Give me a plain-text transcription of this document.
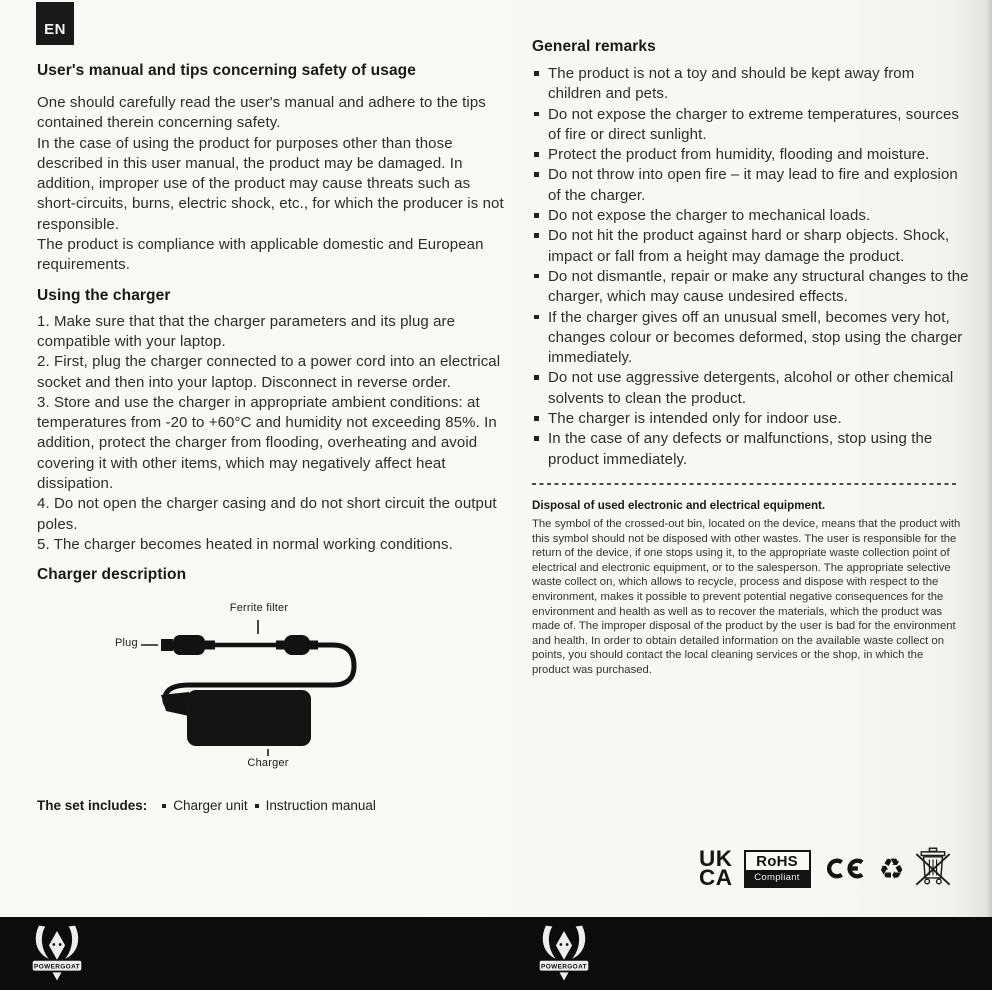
EN
User's manual and tips concerning safety of usage

One should carefully read the user's manual and adhere to the tips contained therein concerning safety.

In the case of using the product for purposes other than those described in this user manual, the product may be damaged. In addition, improper use of the product may cause threats such as short-circuits, burns, electric shock, etc., for which the producer is not responsible.

The product is compliance with applicable domestic and European requirements.

Using the charger

1. Make sure that that the charger parameters and its plug are compatible with your laptop.

2. First, plug the charger connected to a power cord into an electrical socket and then into your laptop. Disconnect in reverse order.

3. Store and use the charger in appropriate ambient conditions: at temperatures from -20 to +60°C and humidity not exceeding 85%. In addition, protect the charger from flooding, overheating and avoid covering it with other items, which may negatively affect heat dissipation.

4. Do not open the charger casing and do not short circuit the output poles.

5. The charger becomes heated in normal working conditions.

Charger description
Ferrite filter
Plug
Charger
The set includes: Charger unit Instruction manual
General remarks
The product is not a toy and should be kept away from children and pets.
Do not expose the charger to extreme temperatures, sources of fire or direct sunlight.
Protect the product from humidity, flooding and moisture.
Do not throw into open fire – it may lead to fire and explosion of the charger.
Do not expose the charger to mechanical loads.
Do not hit the product against hard or sharp objects. Shock, impact or fall from a height may damage the product.
Do not dismantle, repair or make any structural changes to the charger, which may cause undesired effects.
If the charger gives off an unusual smell, becomes very hot, changes colour or becomes deformed, stop using the charger immediately.
Do not use aggressive detergents, alcohol or other chemical solvents to clean the product.
The charger is intended only for indoor use.
In the case of any defects or malfunctions, stop using the product immediately.
Disposal of used electronic and electrical equipment.

The symbol of the crossed-out bin, located on the device, means that the product with this symbol should not be disposed with other wastes. The user is responsible for the return of the device, if one stops using it, to the appropriate waste collection point of electrical and electronic equipment, or to the salesperson. The appropriate selective waste collect on, which allows to recycle, process and dispose with respect to the environment, makes it possible to prevent potential negative consequences for the environment and health as well as to recover the materials, which the product was made of. The improper disposal of the product by the user is bad for the environment and health. In order to obtain detailed information on the available waste collect on points, you should contact the local cleaning services or the shop, in which the product was purchased.

UK
CA
RoHS
Compliant	♻
POWERGOAT	POWERGOAT
